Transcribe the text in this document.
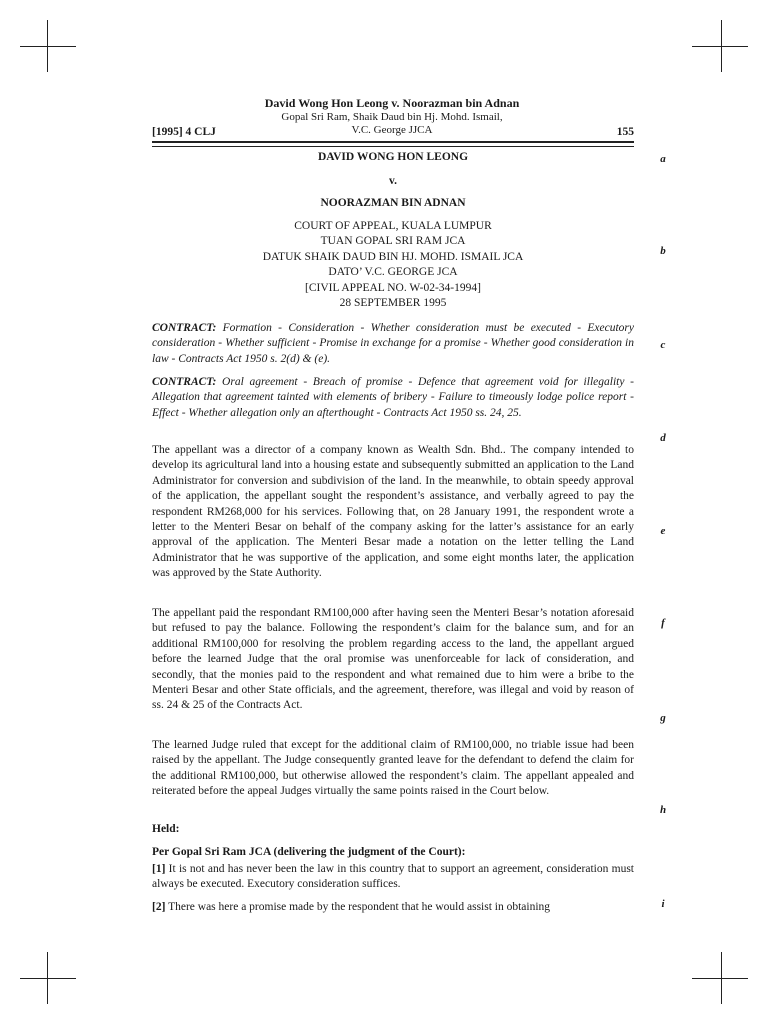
David Wong Hon Leong v. Noorazman bin Adnan
Gopal Sri Ram, Shaik Daud bin Hj. Mohd. Ismail,
V.C. George JJCA
[1995] 4 CLJ	155
a
b
c
d
e
f
g
h
i
DAVID WONG HON LEONG
v.
NOORAZMAN BIN ADNAN
COURT OF APPEAL, KUALA LUMPUR
TUAN GOPAL SRI RAM JCA
DATUK SHAIK DAUD BIN HJ. MOHD. ISMAIL JCA
DATO’ V.C. GEORGE JCA
[CIVIL APPEAL NO. W-02-34-1994]
28 SEPTEMBER 1995
CONTRACT: Formation - Consideration - Whether consideration must be executed - Executory consideration - Whether sufficient - Promise in exchange for a promise - Whether good consideration in law - Contracts Act 1950 s. 2(d) & (e).
CONTRACT: Oral agreement - Breach of promise - Defence that agreement void for illegality - Allegation that agreement tainted with elements of bribery - Failure to timeously lodge police report - Effect - Whether allegation only an afterthought - Contracts Act 1950 ss. 24, 25.
The appellant was a director of a company known as Wealth Sdn. Bhd.. The company intended to develop its agricultural land into a housing estate and subsequently submitted an application to the Land Administrator for conversion and subdivision of the land. In the meanwhile, to obtain speedy approval of the application, the appellant sought the respondent’s assistance, and verbally agreed to pay the respondent RM268,000 for his services. Following that, on 28 January 1991, the respondent wrote a letter to the Menteri Besar on behalf of the company asking for the latter’s assistance for an early approval of the application. The Menteri Besar made a notation on the letter telling the Land Administrator that he was supportive of the application, and some eight months later, the application was approved by the State Authority.
The appellant paid the respondant RM100,000 after having seen the Menteri Besar’s notation aforesaid but refused to pay the balance. Following the respondent’s claim for the balance sum, and for an additional RM100,000 for resolving the problem regarding access to the land, the appellant argued before the learned Judge that the oral promise was unenforceable for lack of consideration, and secondly, that the monies paid to the respondent and what remained due to him were a bribe to the Menteri Besar and other State officials, and the agreement, therefore, was illegal and void by reason of ss. 24 & 25 of the Contracts Act.
The learned Judge ruled that except for the additional claim of RM100,000, no triable issue had been raised by the appellant. The Judge consequently granted leave for the defendant to defend the claim for the additional RM100,000, but otherwise allowed the respondent’s claim. The appellant appealed and reiterated before the appeal Judges virtually the same points raised in the Court below.
Held:
Per Gopal Sri Ram JCA (delivering the judgment of the Court):
[1] It is not and has never been the law in this country that to support an agreement, consideration must always be executed. Executory consideration suffices.
[2] There was here a promise made by the respondent that he would assist in obtaining
